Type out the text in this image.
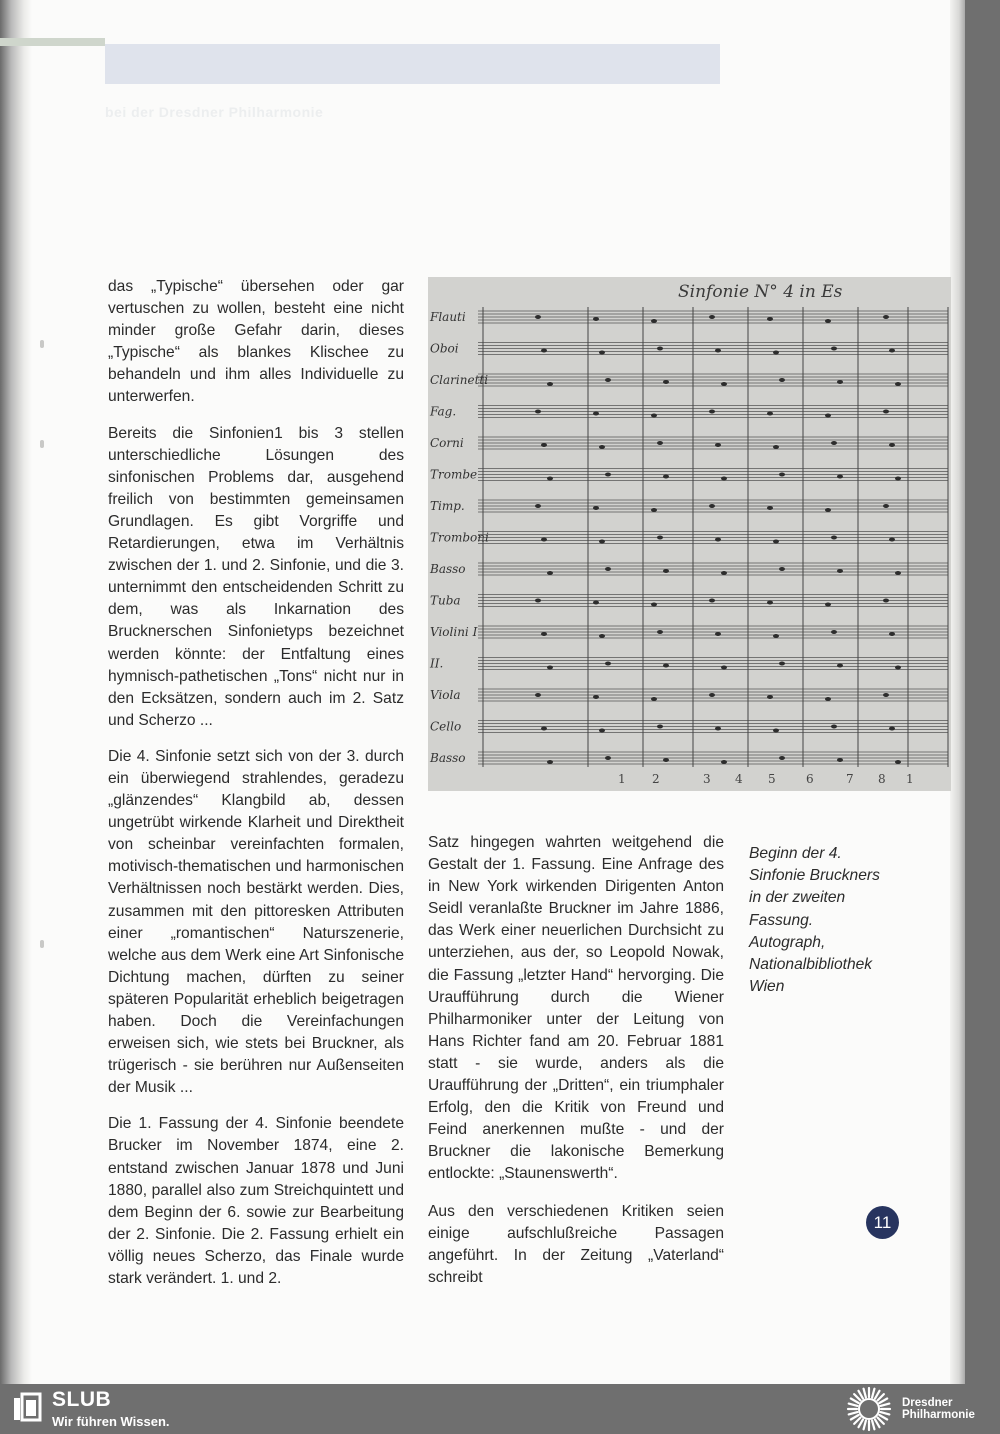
bei der Dresdner Philharmonie

das „Typische“ übersehen oder gar vertuschen zu wollen, besteht eine nicht minder große Gefahr darin, dieses „Typische“ als blankes Klischee zu behandeln und ihm alles Individuelle zu unterwerfen.

Bereits die Sinfonien1 bis 3 stellen unterschiedliche Lösungen des sinfonischen Problems dar, ausgehend freilich von bestimmten gemeinsamen Grundlagen. Es gibt Vorgriffe und Retardierungen, etwa im Verhältnis zwischen der 1. und 2. Sinfonie, und die 3. unternimmt den entscheidenden Schritt zu dem, was als Inkarnation des Brucknerschen Sinfonietyps bezeichnet werden könnte: der Entfaltung eines hymnisch-pathetischen „Tons“ nicht nur in den Ecksätzen, sondern auch im 2. Satz und Scherzo ...

Die 4. Sinfonie setzt sich von der 3. durch ein überwiegend strahlendes, geradezu „glänzendes“ Klangbild ab, dessen ungetrübt wirkende Klarheit und Direktheit von scheinbar vereinfachten formalen, motivisch-thematischen und harmonischen Verhältnissen noch bestärkt werden. Dies, zusammen mit den pittoresken Attributen einer „romantischen“ Naturszenerie, welche aus dem Werk eine Art Sinfonische Dichtung machen, dürften zu seiner späteren Popularität erheblich beigetragen haben. Doch die Vereinfachungen erweisen sich, wie stets bei Bruckner, als trügerisch - sie berühren nur Außenseiten der Musik ...

Die 1. Fassung der 4. Sinfonie beendete Brucker im November 1874, eine 2. entstand zwischen Januar 1878 und Juni 1880, parallel also zum Streichquintett und dem Beginn der 6. sowie zur Bearbeitung der 2. Sinfonie. Die 2. Fassung erhielt ein völlig neues Scherzo, das Finale wurde stark verändert. 1. und 2.

Sinfonie N° 4 in Es
Flauti
Oboi
Clarinetti
Fag.
Corni
Trombe
Timp.
Tromboni
Basso
Tuba
Violini I
II.
Viola
Cello
Basso
1 2	3 4 5	6	7 8 1

Satz hingegen wahrten weitgehend die Gestalt der 1. Fassung. Eine Anfrage des in New York wirkenden Dirigenten Anton Seidl veranlaßte Bruckner im Jahre 1886, das Werk einer neuerlichen Durchsicht zu unterziehen, aus der, so Leopold Nowak, die Fassung „letzter Hand“ hervorging. Die Uraufführung durch die Wiener Philharmoniker unter der Leitung von Hans Richter fand am 20. Februar 1881 statt - sie wurde, anders als die Uraufführung der „Dritten“, ein triumphaler Erfolg, den die Kritik von Freund und Feind anerkennen mußte - und der Bruckner die lakonische Bemerkung entlockte: „Staunenswerth“.

Aus den verschiedenen Kritiken seien einige aufschlußreiche Passagen angeführt. In der Zeitung „Vaterland“ schreibt

Beginn der 4.
Sinfonie Bruckners
in der zweiten
Fassung.
Autograph,
Nationalbibliothek
Wien
11
SLUB
Wir führen Wissen.
Dresdner
Philharmonie
